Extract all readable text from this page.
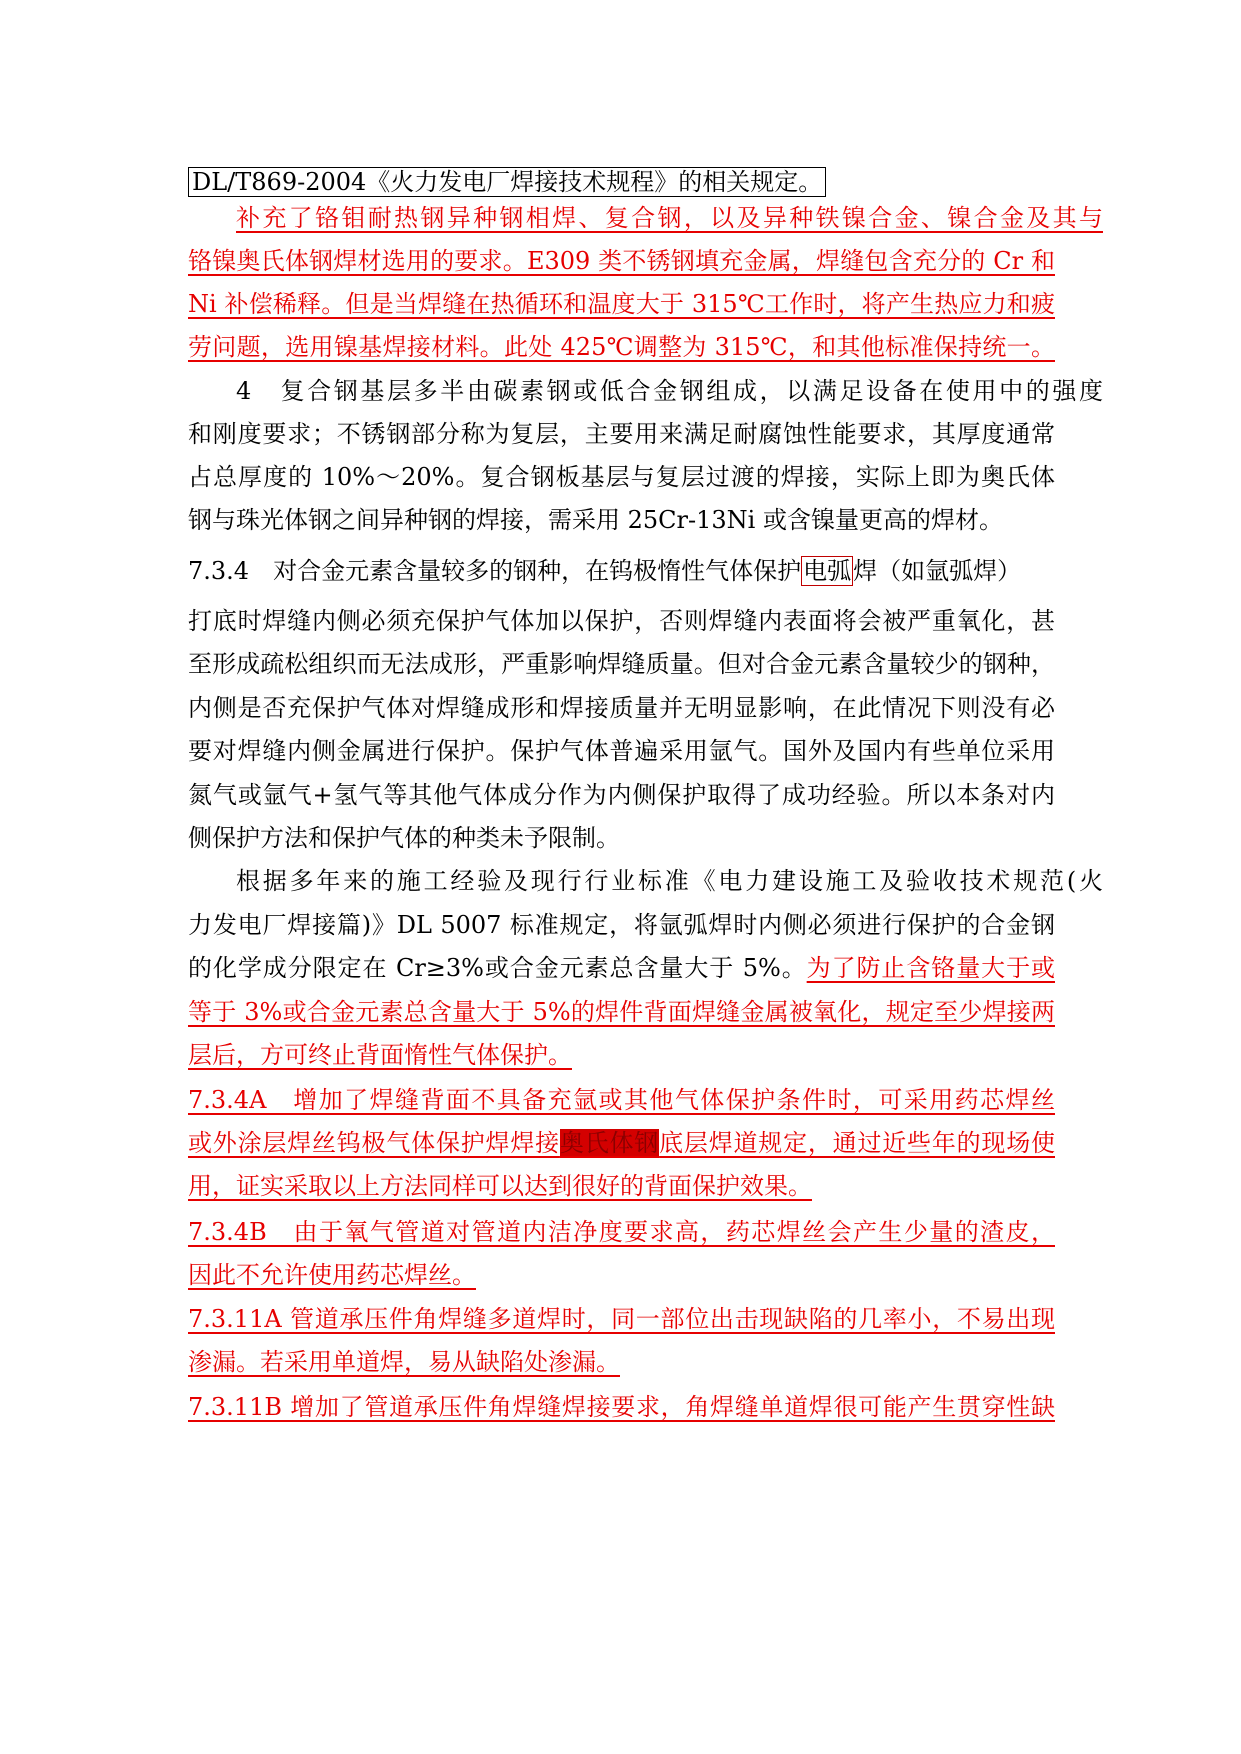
DL/T869-2004《火力发电厂焊接技术规程》的相关规定。
补充了铬钼耐热钢异种钢相焊、复合钢，以及异种铁镍合金、镍合金及其与
铬镍奥氏体钢焊材选用的要求。E309 类不锈钢填充金属，焊缝包含充分的 Cr 和
Ni 补偿稀释。但是当焊缝在热循环和温度大于 315℃工作时，将产生热应力和疲
劳问题，选用镍基焊接材料。此处 425℃调整为 315℃，和其他标准保持统一。
4　复合钢基层多半由碳素钢或低合金钢组成，以满足设备在使用中的强度
和刚度要求；不锈钢部分称为复层，主要用来满足耐腐蚀性能要求，其厚度通常
占总厚度的 10%～20%。复合钢板基层与复层过渡的焊接，实际上即为奥氏体
钢与珠光体钢之间异种钢的焊接，需采用 25Cr-13Ni 或含镍量更高的焊材。
7.3.4　对合金元素含量较多的钢种，在钨极惰性气体保护电弧焊（如氩弧焊）
打底时焊缝内侧必须充保护气体加以保护，否则焊缝内表面将会被严重氧化，甚
至形成疏松组织而无法成形，严重影响焊缝质量。但对合金元素含量较少的钢种，
内侧是否充保护气体对焊缝成形和焊接质量并无明显影响，在此情况下则没有必
要对焊缝内侧金属进行保护。保护气体普遍采用氩气。国外及国内有些单位采用
氮气或氩气+氢气等其他气体成分作为内侧保护取得了成功经验。所以本条对内
侧保护方法和保护气体的种类未予限制。
根据多年来的施工经验及现行行业标准《电力建设施工及验收技术规范(火
力发电厂焊接篇)》DL 5007 标准规定，将氩弧焊时内侧必须进行保护的合金钢
的化学成分限定在 Cr≥3%或合金元素总含量大于 5%。为了防止含铬量大于或
等于 3%或合金元素总含量大于 5%的焊件背面焊缝金属被氧化，规定至少焊接两
层后，方可终止背面惰性气体保护。
7.3.4A　增加了焊缝背面不具备充氩或其他气体保护条件时，可采用药芯焊丝
或外涂层焊丝钨极气体保护焊焊接奥氏体钢底层焊道规定，通过近些年的现场使
用，证实采取以上方法同样可以达到很好的背面保护效果。
7.3.4B　由于氧气管道对管道内洁净度要求高，药芯焊丝会产生少量的渣皮，
因此不允许使用药芯焊丝。
7.3.11A 管道承压件角焊缝多道焊时，同一部位出击现缺陷的几率小，不易出现
渗漏。若采用单道焊，易从缺陷处渗漏。
7.3.11B 增加了管道承压件角焊缝焊接要求，角焊缝单道焊很可能产生贯穿性缺
